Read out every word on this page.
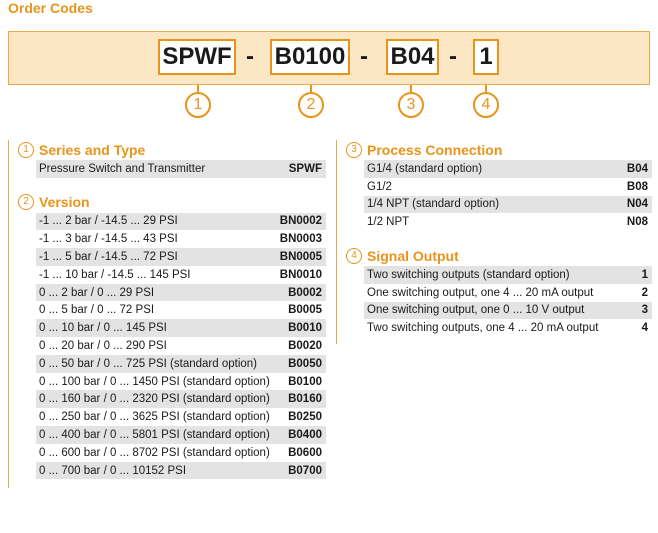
Order Codes
SPWF - B0100 - B04 - 1
1	2	3	4
1 Series and Type
Pressure Switch and Transmitter	SPWF
2 Version
-1 ... 2 bar / -14.5 ... 29 PSI	BN0002
-1 ... 3 bar / -14.5 ... 43 PSI	BN0003
-1 ... 5 bar / -14.5 ... 72 PSI	BN0005
-1 ... 10 bar / -14.5 ... 145 PSI	BN0010
0 ... 2 bar / 0 ... 29 PSI	B0002
0 ... 5 bar / 0 ... 72 PSI	B0005
0 ... 10 bar / 0 ... 145 PSI	B0010
0 ... 20 bar / 0 ... 290 PSI	B0020
0 ... 50 bar / 0 ... 725 PSI (standard option)	B0050
0 ... 100 bar / 0 ... 1450 PSI (standard option) B0100
0 ... 160 bar / 0 ... 2320 PSI (standard option) B0160
0 ... 250 bar / 0 ... 3625 PSI (standard option) B0250
0 ... 400 bar / 0 ... 5801 PSI (standard option) B0400
0 ... 600 bar / 0 ... 8702 PSI (standard option) B0600
0 ... 700 bar / 0 ... 10152 PSI	B0700
3 Process Connection
G1/4 (standard option)	B04
G1/2	B08
1/4 NPT (standard option)	N04
1/2 NPT	N08
4 Signal Output
Two switching outputs (standard option)	1
One switching output, one 4 ... 20 mA output	2
One switching output, one 0 ... 10 V output	3
Two switching outputs, one 4 ... 20 mA output	4
